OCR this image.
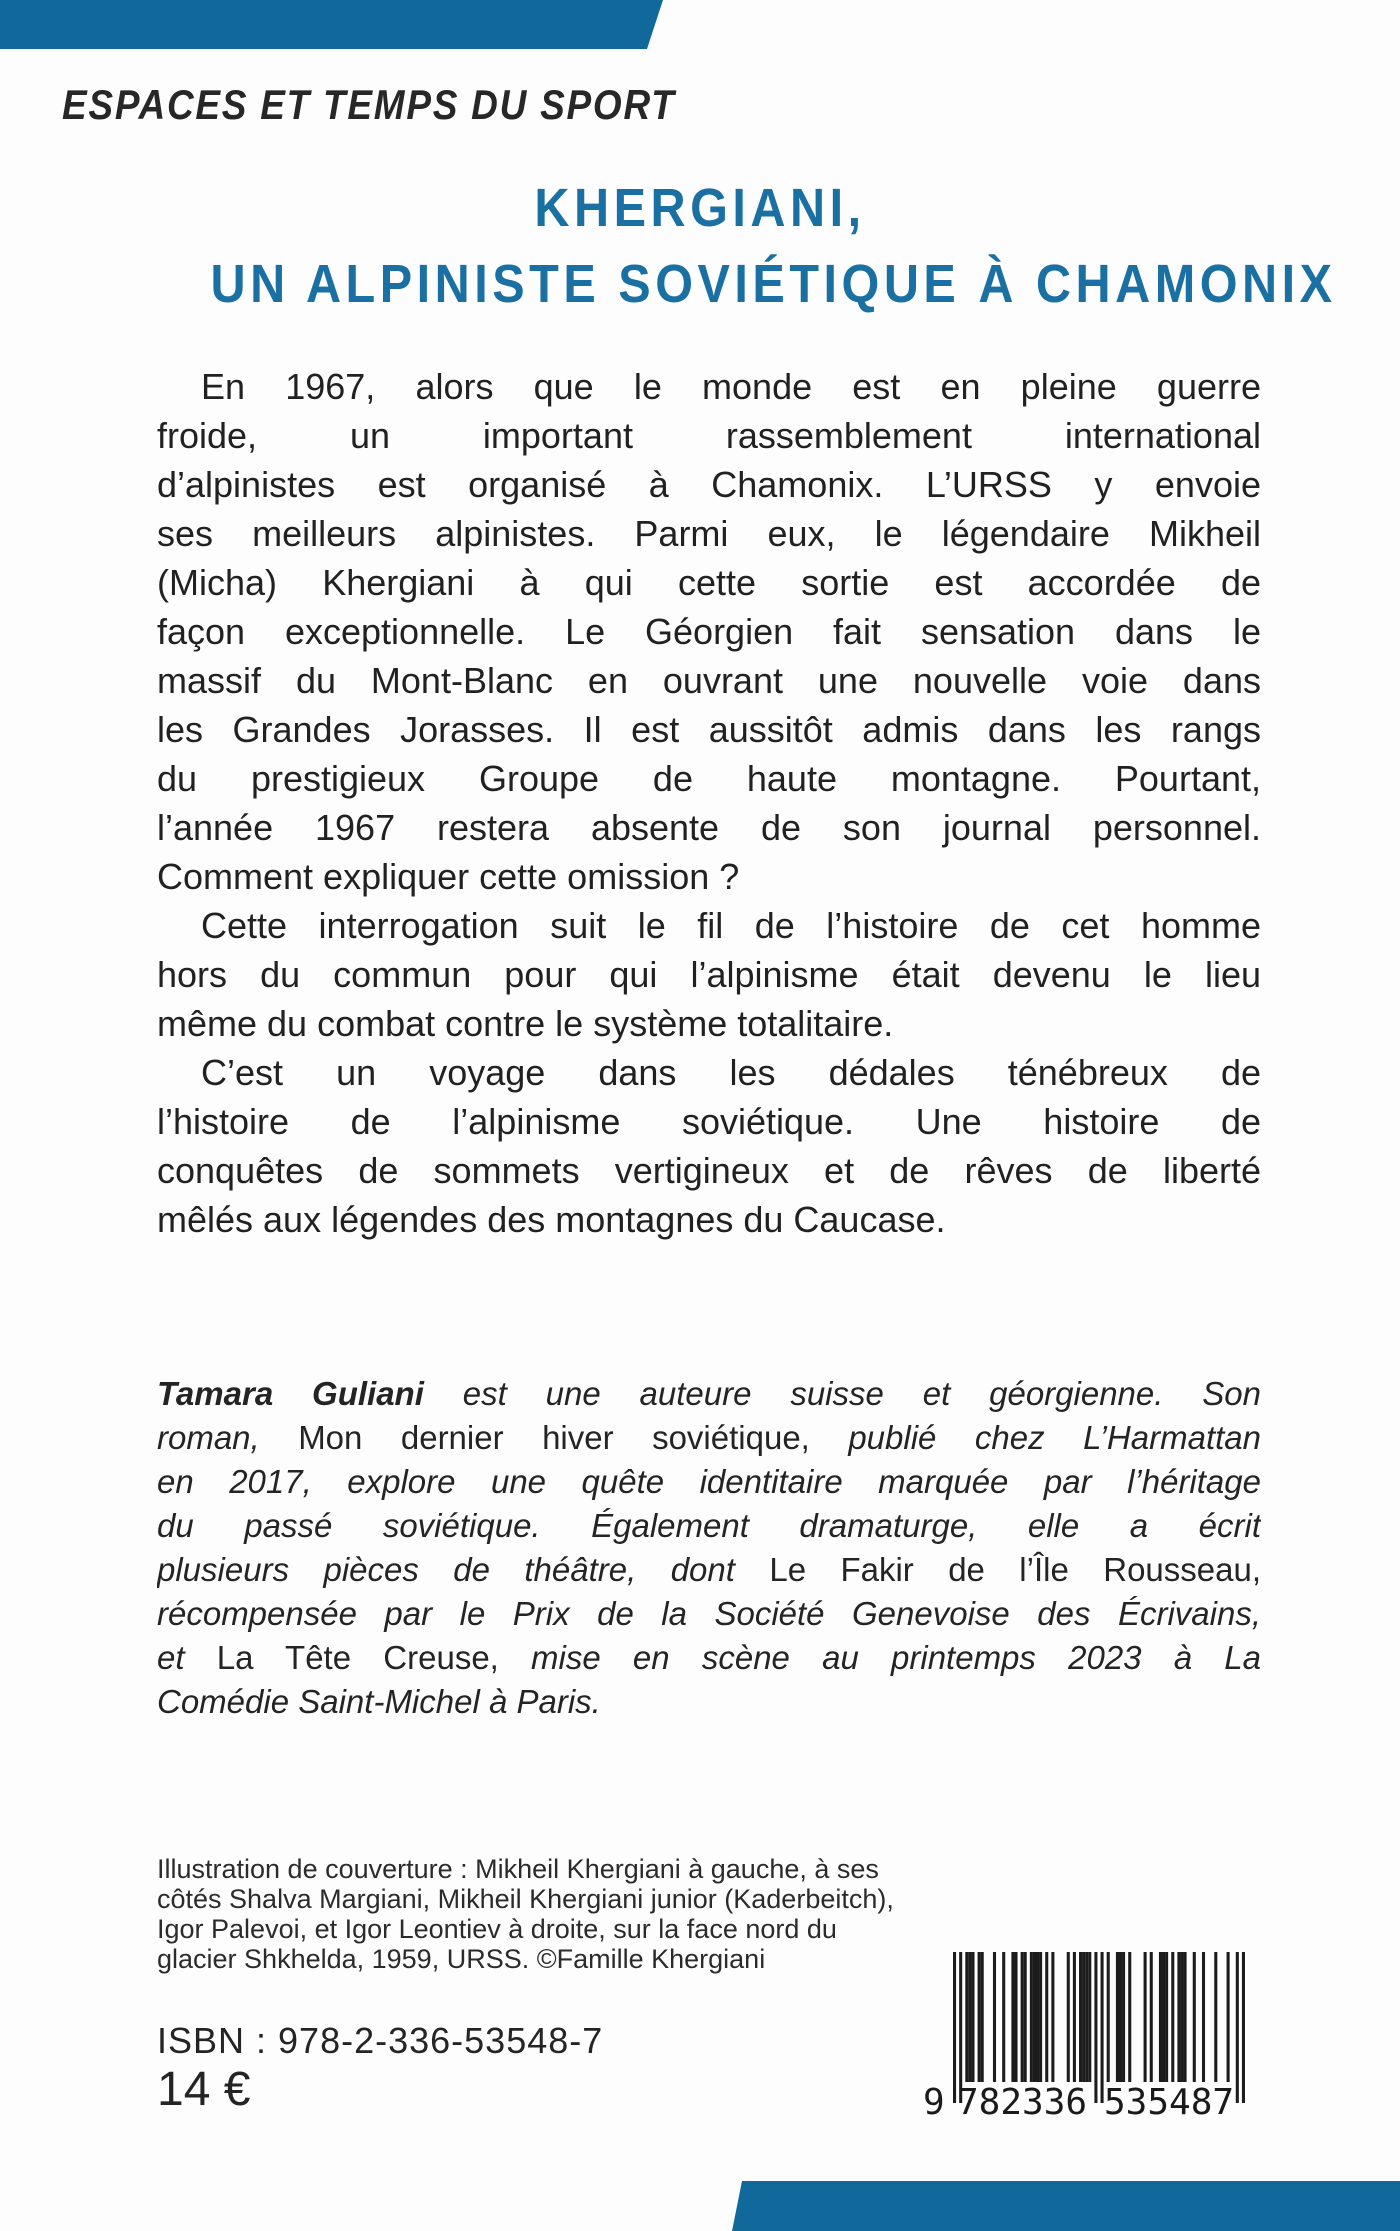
ESPACES ET TEMPS DU SPORT
KHERGIANI,
UN ALPINISTE SOVIÉTIQUE À CHAMONIX
En 1967, alors que le monde est en pleine guerre
froide, un important rassemblement international
d’alpinistes est organisé à Chamonix. L’URSS y envoie
ses meilleurs alpinistes. Parmi eux, le légendaire Mikheil
(Micha) Khergiani à qui cette sortie est accordée de
façon exceptionnelle. Le Géorgien fait sensation dans le
massif du Mont-Blanc en ouvrant une nouvelle voie dans
les Grandes Jorasses. Il est aussitôt admis dans les rangs
du prestigieux Groupe de haute montagne. Pourtant,
l’année 1967 restera absente de son journal personnel.
Comment expliquer cette omission ?
Cette interrogation suit le fil de l’histoire de cet homme
hors du commun pour qui l’alpinisme était devenu le lieu
même du combat contre le système totalitaire.
C’est un voyage dans les dédales ténébreux de
l’histoire de l’alpinisme soviétique. Une histoire de
conquêtes de sommets vertigineux et de rêves de liberté
mêlés aux légendes des montagnes du Caucase.
Tamara Guliani est une auteure suisse et géorgienne. Son
roman, Mon dernier hiver soviétique, publié chez L’Harmattan
en 2017, explore une quête identitaire marquée par l’héritage
du passé soviétique. Également dramaturge, elle a écrit
plusieurs pièces de théâtre, dont Le Fakir de l’Île Rousseau,
récompensée par le Prix de la Société Genevoise des Écrivains,
et La Tête Creuse, mise en scène au printemps 2023 à La
Comédie Saint-Michel à Paris.
Illustration de couverture : Mikheil Khergiani à gauche, à ses
côtés Shalva Margiani, Mikheil Khergiani junior (Kaderbeitch),
Igor Palevoi, et Igor Leontiev à droite, sur la face nord du
glacier Shkhelda, 1959, URSS. ©Famille Khergiani
ISBN : 978-2-336-53548-7
14 €	9 782336 535487
